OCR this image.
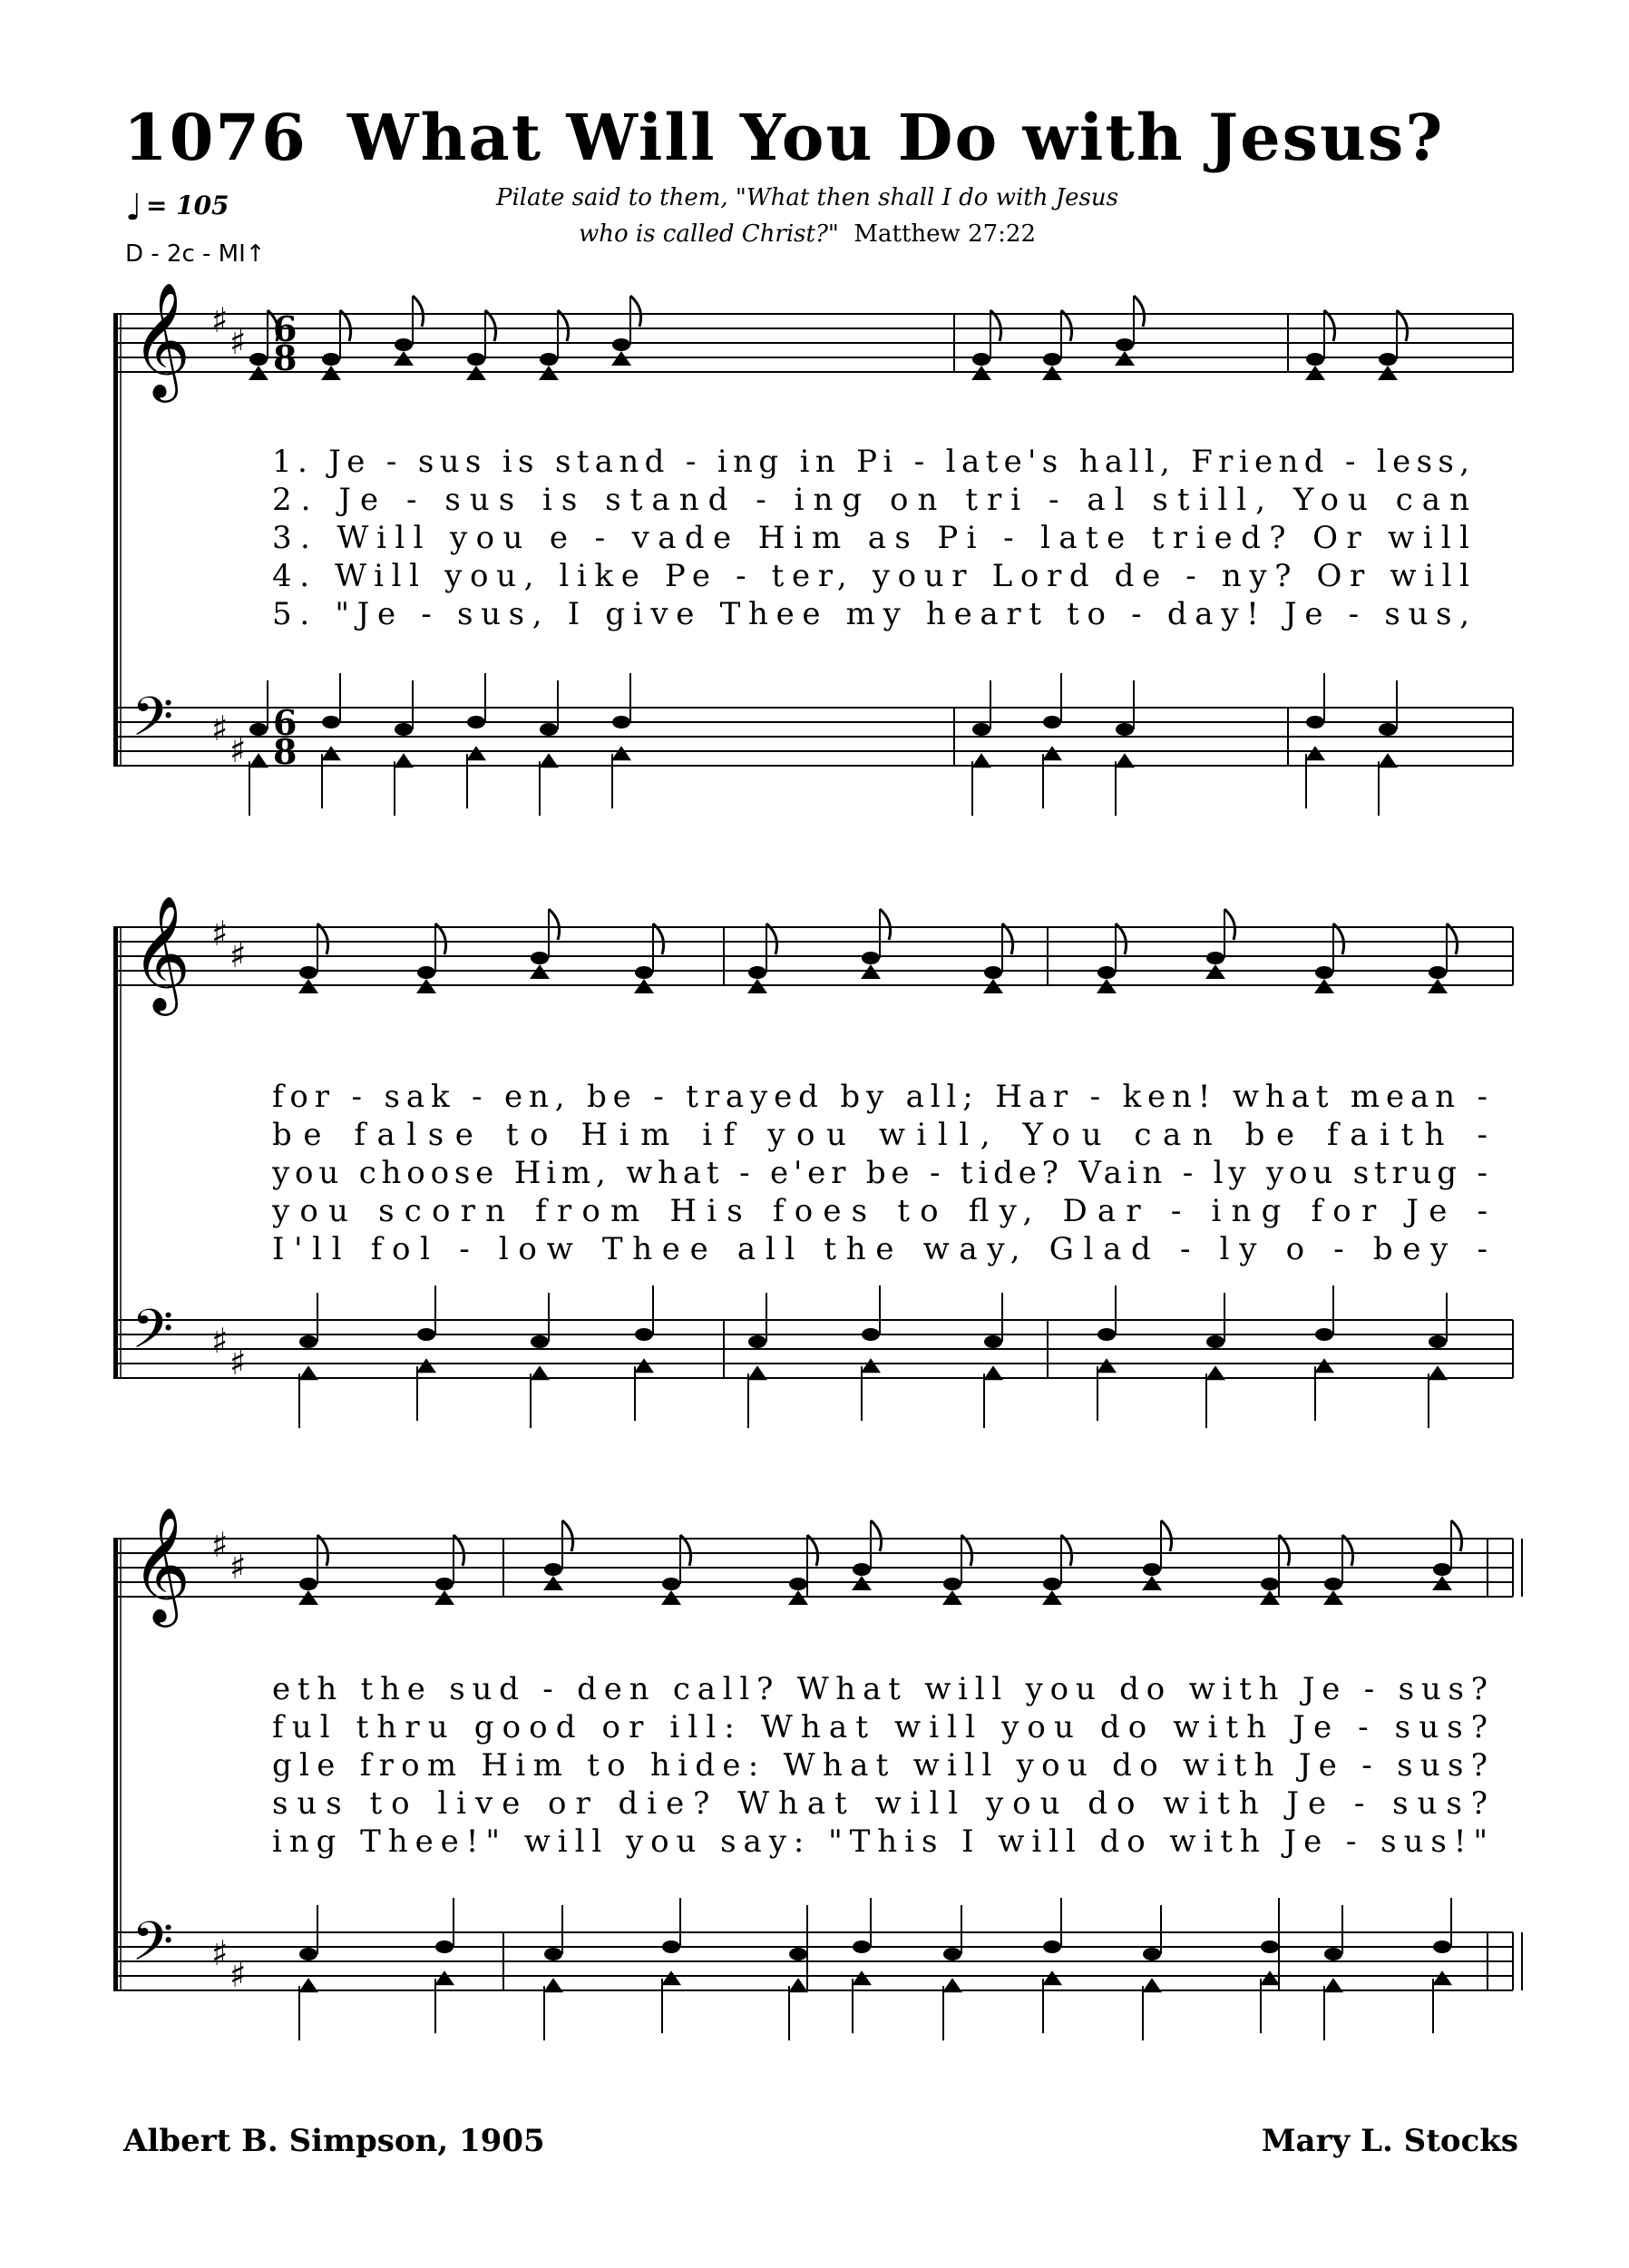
1076 What Will You Do with Jesus?
♩ = 105
D - 2c - MI↑
Pilate said to them, "What then shall I do with Jesus
who is called Christ?" Matthew 27:22
𝄞
𝄢
♯
♯
♯
♯
6
8
6
8
1. Je - sus is stand - ing in Pi - late's hall, Friend - less,
2. Je - sus is stand - ing on tri - al still, You can
3. Will you e - vade Him as Pi - late tried? Or will
4. Will you, like Pe - ter, your Lord de - ny? Or will
5. "Je - sus, I give Thee my heart to - day! Je - sus,
𝄞
𝄢
♯
♯
♯
♯
for - sak - en, be - trayed by all; Har - ken! what mean -
be false to Him if you will, You can be faith -
you choose Him, what - e'er be - tide? Vain - ly you strug -
you scorn from His foes to fly, Dar - ing for Je -
I'll fol - low Thee all the way, Glad - ly o - bey -
𝄞
𝄢
♯
♯
♯
♯
eth the sud - den call? What will you do with Je - sus?
ful thru good or ill: What will you do with Je - sus?
gle from Him to hide: What will you do with Je - sus?
sus to live or die? What will you do with Je - sus?
ing Thee!" will you say: "This I will do with Je - sus!"
Albert B. Simpson, 1905	Mary L. Stocks
